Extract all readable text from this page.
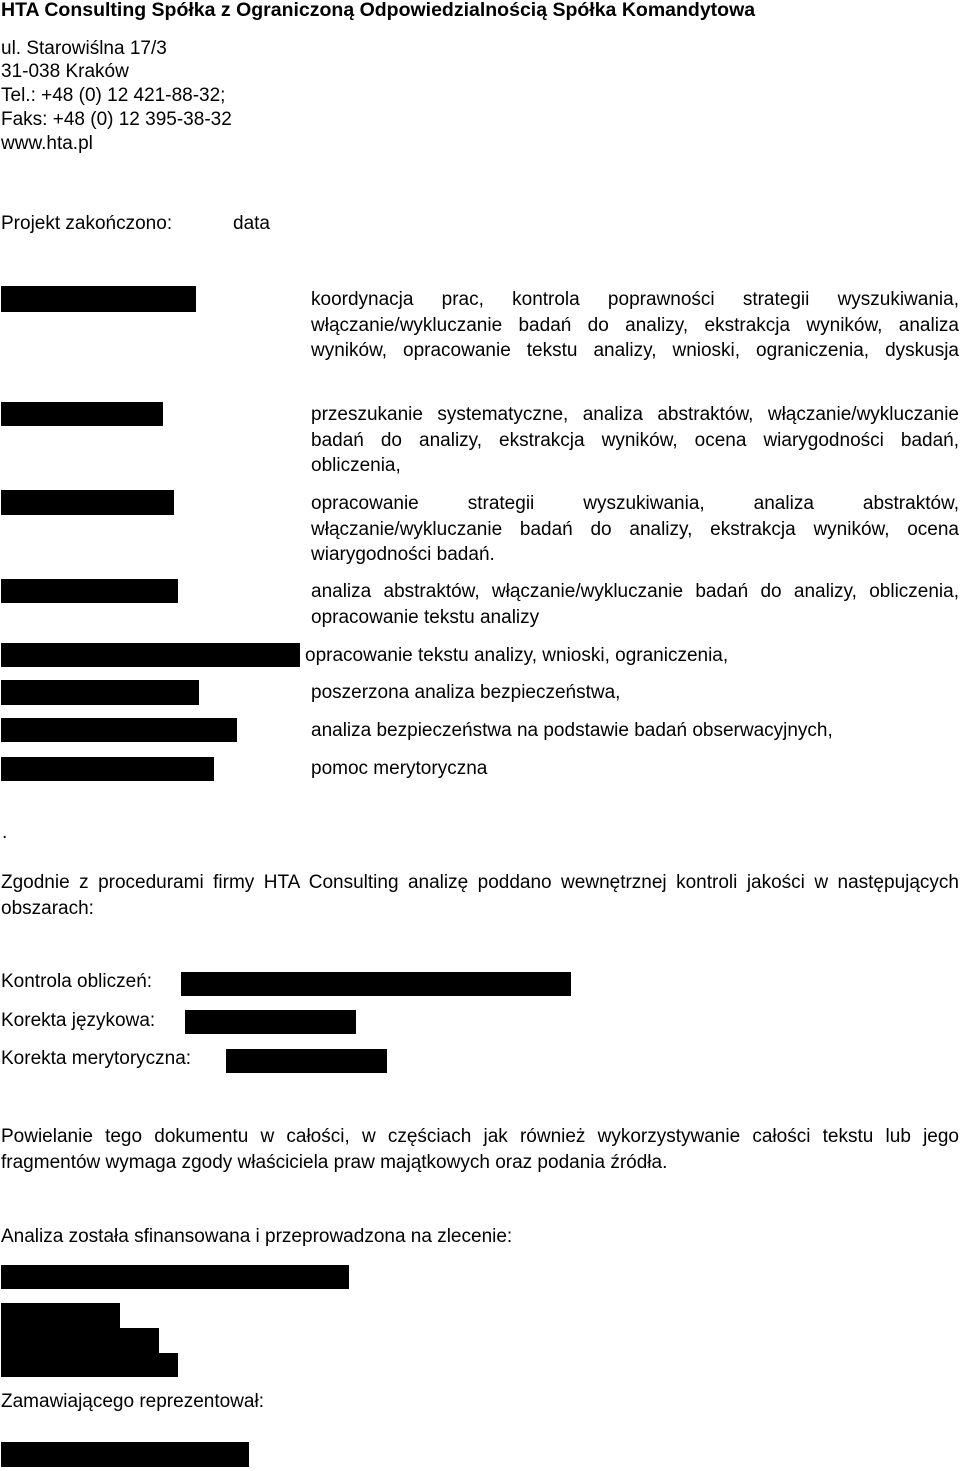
HTA Consulting Spółka z Ograniczoną Odpowiedzialnością Spółka Komandytowa
ul. Starowiślna 17/3
31-038 Kraków
Tel.: +48 (0) 12 421-88-32;
Faks: +48 (0) 12 395-38-32
www.hta.pl
Projekt zakończono:	data
koordynacja prac, kontrola poprawności strategii wyszukiwania, włączanie/wykluczanie badań do analizy, ekstrakcja wyników, analiza wyników, opracowanie tekstu analizy, wnioski, ograniczenia, dyskusja
przeszukanie systematyczne, analiza abstraktów, włączanie/wykluczanie badań do analizy, ekstrakcja wyników, ocena wiarygodności badań, obliczenia,
opracowanie strategii wyszukiwania, analiza abstraktów, włączanie/wykluczanie badań do analizy, ekstrakcja wyników, ocena wiarygodności badań.
analiza abstraktów, włączanie/wykluczanie badań do analizy, obliczenia, opracowanie tekstu analizy
opracowanie tekstu analizy, wnioski, ograniczenia,
poszerzona analiza bezpieczeństwa,
analiza bezpieczeństwa na podstawie badań obserwacyjnych,
pomoc merytoryczna
.
Zgodnie z procedurami firmy HTA Consulting analizę poddano wewnętrznej kontroli jakości w następujących obszarach:
Kontrola obliczeń:
Korekta językowa:
Korekta merytoryczna:
Powielanie tego dokumentu w całości, w częściach jak również wykorzystywanie całości tekstu lub jego fragmentów wymaga zgody właściciela praw majątkowych oraz podania źródła.
Analiza została sfinansowana i przeprowadzona na zlecenie:
Zamawiającego reprezentował:
